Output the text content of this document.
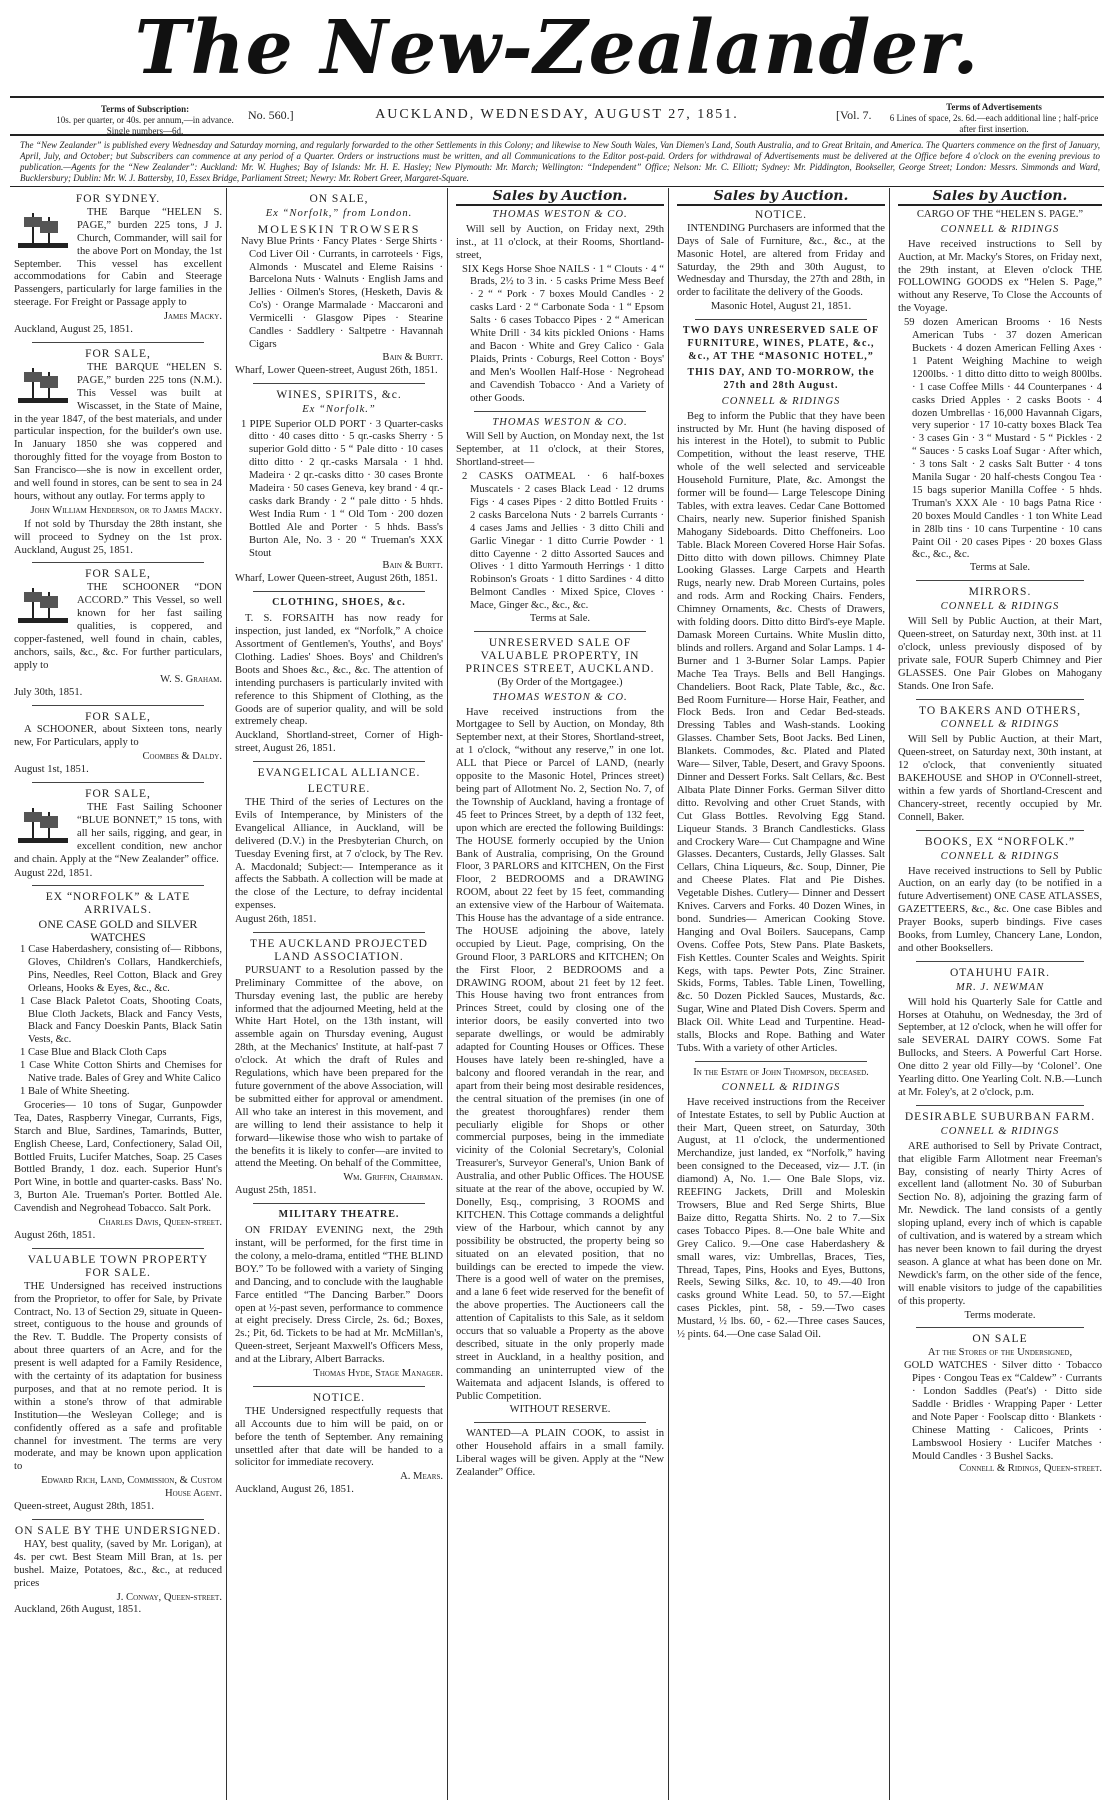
The New-Zealander.
Terms of Subscription:
10s. per quarter, or 40s. per annum,—in advance. Single numbers—6d.
No. 560.]	AUCKLAND, WEDNESDAY, AUGUST 27, 1851.	[Vol. 7.
Terms of Advertisements
6 Lines of space, 2s. 6d.—each additional line ; half-price after first insertion.
The “New Zealander” is published every Wednesday and Saturday morning, and regularly forwarded to the other Settlements in this Colony; and likewise to New South Wales, Van Diemen's Land, South Australia, and to Great Britain, and America. The Quarters commence on the first of January, April, July, and October; but Subscribers can commence at any period of a Quarter. Orders or instructions must be written, and all Communications to the Editor post-paid. Orders for withdrawal of Advertisements must be delivered at the Office before 4 o'clock on the evening previous to publication.—Agents for the “New Zealander”: Auckland: Mr. W. Hughes; Bay of Islands: Mr. H. E. Hasley; New Plymouth: Mr. March; Wellington: “Independent” Office; Nelson: Mr. C. Elliott; Sydney: Mr. Piddington, Bookseller, George Street; London: Messrs. Simmonds and Ward, Bucklersbury; Dublin: Mr. W. J. Battersby, 10, Essex Bridge, Parliament Street; Newry: Mr. Robert Greer, Margaret-Square.
FOR SYDNEY.
THE Barque “HELEN S. PAGE,” burden 225 tons, J J. Church, Commander, will sail for the above Port on Monday, the 1st September. This vessel has excellent accommodations for Cabin and Steerage Passengers, particularly for large families in the steerage. For Freight or Passage apply to
James Macky.
Auckland, August 25, 1851.
FOR SALE,
THE BARQUE “HELEN S. PAGE,” burden 225 tons (N.M.). This Vessel was built at Wiscasset, in the State of Maine, in the year 1847, of the best materials, and under particular inspection, for the builder's own use. In January 1850 she was coppered and thoroughly fitted for the voyage from Boston to San Francisco—she is now in excellent order, and well found in stores, can be sent to sea in 24 hours, without any outlay. For terms apply to
John William Henderson, or to James Macky.
If not sold by Thursday the 28th instant, she will proceed to Sydney on the 1st prox. Auckland, August 25, 1851.
FOR SALE,
THE SCHOONER “DON ACCORD.” This Vessel, so well known for her fast sailing qualities, is coppered, and copper-fastened, well found in chain, cables, anchors, sails, &c., &c. For further particulars, apply to
W. S. Graham.
July 30th, 1851.
FOR SALE,
A SCHOONER, about Sixteen tons, nearly new, For Particulars, apply to
Coombes & Daldy.
August 1st, 1851.
FOR SALE,
THE Fast Sailing Schooner “BLUE BONNET,” 15 tons, with all her sails, rigging, and gear, in excellent condition, new anchor and chain. Apply at the “New Zealander” office.
August 22d, 1851.
EX “NORFOLK” & LATE ARRIVALS.
ONE CASE GOLD and SILVER WATCHES
1 Case Haberdashery, consisting of— Ribbons, Gloves, Children's Collars, Handkerchiefs, Pins, Needles, Reel Cotton, Black and Grey Orleans, Hooks & Eyes, &c., &c.
1 Case Black Paletot Coats, Shooting Coats, Blue Cloth Jackets, Black and Fancy Vests, Black and Fancy Doeskin Pants, Black Satin Vests, &c.
1 Case Blue and Black Cloth Caps
1 Case White Cotton Shirts and Chemises for Native trade. Bales of Grey and White Calico
1 Bale of White Sheeting.
Groceries— 10 tons of Sugar, Gunpowder Tea, Dates, Raspberry Vinegar, Currants, Figs, Starch and Blue, Sardines, Tamarinds, Butter, English Cheese, Lard, Confectionery, Salad Oil, Bottled Fruits, Lucifer Matches, Soap. 25 Cases Bottled Brandy, 1 doz. each. Superior Hunt's Port Wine, in bottle and quarter-casks. Bass' No. 3, Burton Ale. Trueman's Porter. Bottled Ale. Cavendish and Negrohead Tobacco. Salt Pork.
Charles Davis, Queen-street.
August 26th, 1851.
VALUABLE TOWN PROPERTY FOR SALE.
THE Undersigned has received instructions from the Proprietor, to offer for Sale, by Private Contract, No. 13 of Section 29, situate in Queen-street, contiguous to the house and grounds of the Rev. T. Buddle. The Property consists of about three quarters of an Acre, and for the present is well adapted for a Family Residence, with the certainty of its adaptation for business purposes, and that at no remote period. It is within a stone's throw of that admirable Institution—the Wesleyan College; and is confidently offered as a safe and profitable channel for investment. The terms are very moderate, and may be known upon application to
Edward Rich, Land, Commission, & Custom House Agent.
Queen-street, August 28th, 1851.
ON SALE BY THE UNDERSIGNED.
HAY, best quality, (saved by Mr. Lorigan), at 4s. per cwt. Best Steam Mill Bran, at 1s. per bushel. Maize, Potatoes, &c., &c., at reduced prices
J. Conway, Queen-street.
Auckland, 26th August, 1851.
ON SALE,
Ex “Norfolk,” from London.
MOLESKIN TROWSERS
Navy Blue Prints · Fancy Plates · Serge Shirts · Cod Liver Oil · Currants, in carroteels · Figs, Almonds · Muscatel and Eleme Raisins · Barcelona Nuts · Walnuts · English Jams and Jellies · Oilmen's Stores, (Hesketh, Davis & Co's) · Orange Marmalade · Maccaroni and Vermicelli · Glasgow Pipes · Stearine Candles · Saddlery · Saltpetre · Havannah Cigars
Bain & Burtt.
Wharf, Lower Queen-street, August 26th, 1851.
WINES, SPIRITS, &c.
Ex “Norfolk.”
1 PIPE Superior OLD PORT · 3 Quarter-casks ditto · 40 cases ditto · 5 qr.-casks Sherry · 5 superior Gold ditto · 5 “ Pale ditto · 10 cases ditto ditto · 2 qr.-casks Marsala · 1 hhd. Madeira · 2 qr.-casks ditto · 30 cases Bronte Madeira · 50 cases Geneva, key brand · 4 qr.-casks dark Brandy · 2 “ pale ditto · 5 hhds. West India Rum · 1 “ Old Tom · 200 dozen Bottled Ale and Porter · 5 hhds. Bass's Burton Ale, No. 3 · 20 “ Trueman's XXX Stout
Bain & Burtt.
Wharf, Lower Queen-street, August 26th, 1851.
CLOTHING, SHOES, &c.
T. S. FORSAITH has now ready for inspection, just landed, ex “Norfolk,” A choice Assortment of Gentlemen's, Youths', and Boys' Clothing. Ladies' Shoes. Boys' and Children's Boots and Shoes &c., &c., &c. The attention of intending purchasers is particularly invited with reference to this Shipment of Clothing, as the Goods are of superior quality, and will be sold extremely cheap.
Auckland, Shortland-street, Corner of High-street, August 26, 1851.
EVANGELICAL ALLIANCE.
LECTURE.
THE Third of the series of Lectures on the Evils of Intemperance, by Ministers of the Evangelical Alliance, in Auckland, will be delivered (D.V.) in the Presbyterian Church, on Tuesday Evening first, at 7 o'clock, by The Rev. A. Macdonald; Subject:— Intemperance as it affects the Sabbath. A collection will be made at the close of the Lecture, to defray incidental expenses.
August 26th, 1851.
THE AUCKLAND PROJECTED LAND ASSOCIATION.
PURSUANT to a Resolution passed by the Preliminary Committee of the above, on Thursday evening last, the public are hereby informed that the adjourned Meeting, held at the White Hart Hotel, on the 13th instant, will assemble again on Thursday evening, August 28th, at the Mechanics' Institute, at half-past 7 o'clock. At which the draft of Rules and Regulations, which have been prepared for the future government of the above Association, will be submitted either for approval or amendment. All who take an interest in this movement, and are willing to lend their assistance to help it forward—likewise those who wish to partake of the benefits it is likely to confer—are invited to attend the Meeting. On behalf of the Committee,
Wm. Griffin, Chairman.
August 25th, 1851.
MILITARY THEATRE.
ON FRIDAY EVENING next, the 29th instant, will be performed, for the first time in the colony, a melo-drama, entitled “THE BLIND BOY.” To be followed with a variety of Singing and Dancing, and to conclude with the laughable Farce entitled “The Dancing Barber.” Doors open at ½-past seven, performance to commence at eight precisely. Dress Circle, 2s. 6d.; Boxes, 2s.; Pit, 6d. Tickets to be had at Mr. McMillan's, Queen-street, Serjeant Maxwell's Officers Mess, and at the Library, Albert Barracks.
Thomas Hyde, Stage Manager.
NOTICE.
THE Undersigned respectfully requests that all Accounts due to him will be paid, on or before the tenth of September. Any remaining unsettled after that date will be handed to a solicitor for immediate recovery.
A. Mears.
Auckland, August 26, 1851.
Sales by Auction.
THOMAS WESTON & CO.
Will sell by Auction, on Friday next, 29th inst., at 11 o'clock, at their Rooms, Shortland-street,
SIX Kegs Horse Shoe NAILS · 1 “ Clouts · 4 “ Brads, 2½ to 3 in. · 5 casks Prime Mess Beef · 2 “ “ Pork · 7 boxes Mould Candles · 2 casks Lard · 2 “ Carbonate Soda · 1 “ Epsom Salts · 6 cases Tobacco Pipes · 2 “ American White Drill · 34 kits pickled Onions · Hams and Bacon · White and Grey Calico · Gala Plaids, Prints · Coburgs, Reel Cotton · Boys' and Men's Woollen Half-Hose · Negrohead and Cavendish Tobacco · And a Variety of other Goods.
THOMAS WESTON & CO.
Will Sell by Auction, on Monday next, the 1st September, at 11 o'clock, at their Stores, Shortland-street—
2 CASKS OATMEAL · 6 half-boxes Muscatels · 2 cases Black Lead · 12 drums Figs · 4 cases Pipes · 2 ditto Bottled Fruits · 2 casks Barcelona Nuts · 2 barrels Currants · 4 cases Jams and Jellies · 3 ditto Chili and Garlic Vinegar · 1 ditto Currie Powder · 1 ditto Cayenne · 2 ditto Assorted Sauces and Olives · 1 ditto Yarmouth Herrings · 1 ditto Robinson's Groats · 1 ditto Sardines · 4 ditto Belmont Candles · Mixed Spice, Cloves · Mace, Ginger &c., &c., &c.
Terms at Sale.
UNRESERVED SALE OF VALUABLE PROPERTY, IN PRINCES STREET, AUCKLAND.
(By Order of the Mortgagee.)
THOMAS WESTON & CO.
Have received instructions from the Mortgagee to Sell by Auction, on Monday, 8th September next, at their Stores, Shortland-street, at 1 o'clock, “without any reserve,” in one lot. ALL that Piece or Parcel of LAND, (nearly opposite to the Masonic Hotel, Princes street) being part of Allotment No. 2, Section No. 7, of the Township of Auckland, having a frontage of 45 feet to Princes Street, by a depth of 132 feet, upon which are erected the following Buildings: The HOUSE formerly occupied by the Union Bank of Australia, comprising, On the Ground Floor, 3 PARLORS and KITCHEN, On the First Floor, 2 BEDROOMS and a DRAWING ROOM, about 22 feet by 15 feet, commanding an extensive view of the Harbour of Waitemata. This House has the advantage of a side entrance. The HOUSE adjoining the above, lately occupied by Lieut. Page, comprising, On the Ground Floor, 3 PARLORS and KITCHEN; On the First Floor, 2 BEDROOMS and a DRAWING ROOM, about 21 feet by 12 feet. This House having two front entrances from Princes Street, could by closing one of the interior doors, be easily converted into two separate dwellings, or would be admirably adapted for Counting Houses or Offices. These Houses have lately been re-shingled, have a balcony and floored verandah in the rear, and apart from their being most desirable residences, the central situation of the premises (in one of the greatest thoroughfares) render them peculiarly eligible for Shops or other commercial purposes, being in the immediate vicinity of the Colonial Secretary's, Colonial Treasurer's, Surveyor General's, Union Bank of Australia, and other Public Offices. The HOUSE situate at the rear of the above, occupied by W. Donelly, Esq., comprising, 3 ROOMS and KITCHEN. This Cottage commands a delightful view of the Harbour, which cannot by any possibility be obstructed, the property being so situated on an elevated position, that no buildings can be erected to impede the view. There is a good well of water on the premises, and a lane 6 feet wide reserved for the benefit of the above properties. The Auctioneers call the attention of Capitalists to this Sale, as it seldom occurs that so valuable a Property as the above described, situate in the only properly made street in Auckland, in a healthy position, and commanding an uninterrupted view of the Waitemata and adjacent Islands, is offered to Public Competition.
WITHOUT RESERVE.
WANTED—A PLAIN COOK, to assist in other Household affairs in a small family. Liberal wages will be given. Apply at the “New Zealander” Office.
Sales by Auction.
NOTICE.
INTENDING Purchasers are informed that the Days of Sale of Furniture, &c., &c., at the Masonic Hotel, are altered from Friday and Saturday, the 29th and 30th August, to Wednesday and Thursday, the 27th and 28th, in order to facilitate the delivery of the Goods.
Masonic Hotel, August 21, 1851.
TWO DAYS UNRESERVED SALE OF FURNITURE, WINES, PLATE, &c., &c., AT THE “MASONIC HOTEL,”
THIS DAY, AND TO-MORROW, the 27th and 28th August.
CONNELL & RIDINGS
Beg to inform the Public that they have been instructed by Mr. Hunt (he having disposed of his interest in the Hotel), to submit to Public Competition, without the least reserve, THE whole of the well selected and serviceable Household Furniture, Plate, &c. Amongst the former will be found— Large Telescope Dining Tables, with extra leaves. Cedar Cane Bottomed Chairs, nearly new. Superior finished Spanish Mahogany Sideboards. Ditto Cheffoneirs. Loo Table. Black Moreen Covered Horse Hair Sofas. Ditto ditto with down pillows. Chimney Plate Looking Glasses. Large Carpets and Hearth Rugs, nearly new. Drab Moreen Curtains, poles and rods. Arm and Rocking Chairs. Fenders, Chimney Ornaments, &c. Chests of Drawers, with folding doors. Ditto ditto Bird's-eye Maple. Damask Moreen Curtains. White Muslin ditto, blinds and rollers. Argand and Solar Lamps. 1 4-Burner and 1 3-Burner Solar Lamps. Papier Mache Tea Trays. Bells and Bell Hangings. Chandeliers. Boot Rack, Plate Table, &c., &c. Bed Room Furniture— Horse Hair, Feather, and Flock Beds. Iron and Cedar Bed-steads. Dressing Tables and Wash-stands. Looking Glasses. Chamber Sets, Boot Jacks. Bed Linen, Blankets. Commodes, &c. Plated and Plated Ware— Silver, Table, Desert, and Gravy Spoons. Dinner and Dessert Forks. Salt Cellars, &c. Best Albata Plate Dinner Forks. German Silver ditto ditto. Revolving and other Cruet Stands, with Cut Glass Bottles. Revolving Egg Stand. Liqueur Stands. 3 Branch Candlesticks. Glass and Crockery Ware— Cut Champagne and Wine Glasses. Decanters, Custards, Jelly Glasses. Salt Cellars, China Liqueurs, &c. Soup, Dinner, Pie and Cheese Plates. Flat and Pie Dishes. Vegetable Dishes. Cutlery— Dinner and Dessert Knives. Carvers and Forks. 40 Dozen Wines, in bond. Sundries— American Cooking Stove. Hanging and Oval Boilers. Saucepans, Camp Ovens. Coffee Pots, Stew Pans. Plate Baskets, Fish Kettles. Counter Scales and Weights. Spirit Kegs, with taps. Pewter Pots, Zinc Strainer. Skids, Forms, Tables. Table Linen, Towelling, &c. 50 Dozen Pickled Sauces, Mustards, &c. Sugar, Wine and Plated Dish Covers. Sperm and Black Oil. White Lead and Turpentine. Head-stalls, Blocks and Rope. Bathing and Water Tubs. With a variety of other Articles.
In the Estate of John Thompson, deceased.
CONNELL & RIDINGS
Have received instructions from the Receiver of Intestate Estates, to sell by Public Auction at their Mart, Queen street, on Saturday, 30th August, at 11 o'clock, the undermentioned Merchandize, just landed, ex “Norfolk,” having been consigned to the Deceased, viz— J.T. (in diamond) A, No. 1.— One Bale Slops, viz. REEFING Jackets, Drill and Moleskin Trowsers, Blue and Red Serge Shirts, Blue Baize ditto, Regatta Shirts. No. 2 to 7.—Six cases Tobacco Pipes. 8.—One bale White and Grey Calico. 9.—One case Haberdashery & small wares, viz: Umbrellas, Braces, Ties, Thread, Tapes, Pins, Hooks and Eyes, Buttons, Reels, Sewing Silks, &c. 10, to 49.—40 Iron casks ground White Lead. 50, to 57.—Eight cases Pickles, pint. 58, - 59.—Two cases Mustard, ½ lbs. 60, - 62.—Three cases Sauces, ½ pints. 64.—One case Salad Oil.
Sales by Auction.
CARGO OF THE “HELEN S. PAGE.”
CONNELL & RIDINGS
Have received instructions to Sell by Auction, at Mr. Macky's Stores, on Friday next, the 29th instant, at Eleven o'clock THE FOLLOWING GOODS ex “Helen S. Page,” without any Reserve, To Close the Accounts of the Voyage.
59 dozen American Brooms · 16 Nests American Tubs · 37 dozen American Buckets · 4 dozen American Felling Axes · 1 Patent Weighing Machine to weigh 1200lbs. · 1 ditto ditto ditto to weigh 800lbs. · 1 case Coffee Mills · 44 Counterpanes · 4 casks Dried Apples · 2 casks Boots · 4 dozen Umbrellas · 16,000 Havannah Cigars, very superior · 17 10-catty boxes Black Tea · 3 cases Gin · 3 “ Mustard · 5 “ Pickles · 2 “ Sauces · 5 casks Loaf Sugar · After which, · 3 tons Salt · 2 casks Salt Butter · 4 tons Manila Sugar · 20 half-chests Congou Tea · 15 bags superior Manilla Coffee · 5 hhds. Truman's XXX Ale · 10 bags Patna Rice · 20 boxes Mould Candles · 1 ton White Lead in 28lb tins · 10 cans Turpentine · 10 cans Paint Oil · 20 cases Pipes · 20 boxes Glass &c., &c., &c.
Terms at Sale.
MIRRORS.
CONNELL & RIDINGS
Will Sell by Public Auction, at their Mart, Queen-street, on Saturday next, 30th inst. at 11 o'clock, unless previously disposed of by private sale, FOUR Superb Chimney and Pier GLASSES. One Pair Globes on Mahogany Stands. One Iron Safe.
TO BAKERS AND OTHERS,
CONNELL & RIDINGS
Will Sell by Public Auction, at their Mart, Queen-street, on Saturday next, 30th instant, at 12 o'clock, that conveniently situated BAKEHOUSE and SHOP in O'Connell-street, within a few yards of Shortland-Crescent and Chancery-street, recently occupied by Mr. Connell, Baker.
BOOKS, EX “NORFOLK.”
CONNELL & RIDINGS
Have received instructions to Sell by Public Auction, on an early day (to be notified in a future Advertisement) ONE CASE ATLASSES, GAZETTEERS, &c., &c. One case Bibles and Prayer Books, superb bindings. Five cases Books, from Lumley, Chancery Lane, London, and other Booksellers.
OTAHUHU FAIR.
MR. J. NEWMAN
Will hold his Quarterly Sale for Cattle and Horses at Otahuhu, on Wednesday, the 3rd of September, at 12 o'clock, when he will offer for sale SEVERAL DAIRY COWS. Some Fat Bullocks, and Steers. A Powerful Cart Horse. One ditto 2 year old Filly—by ‘Colonel’. One Yearling ditto. One Yearling Colt. N.B.—Lunch at Mr. Foley's, at 2 o'clock, p.m.
DESIRABLE SUBURBAN FARM.
CONNELL & RIDINGS
ARE authorised to Sell by Private Contract, that eligible Farm Allotment near Freeman's Bay, consisting of nearly Thirty Acres of excellent land (allotment No. 30 of Suburban Section No. 8), adjoining the grazing farm of Mr. Newdick. The land consists of a gently sloping upland, every inch of which is capable of cultivation, and is watered by a stream which has never been known to fail during the dryest season. A glance at what has been done on Mr. Newdick's farm, on the other side of the fence, will enable visitors to judge of the capabilities of this property.
Terms moderate.
ON SALE
At the Stores of the Undersigned,
GOLD WATCHES · Silver ditto · Tobacco Pipes · Congou Teas ex “Caldew” · Currants · London Saddles (Peat's) · Ditto side Saddle · Bridles · Wrapping Paper · Letter and Note Paper · Foolscap ditto · Blankets · Chinese Matting · Calicoes, Prints · Lambswool Hosiery · Lucifer Matches · Mould Candles · 3 Bushel Sacks.
Connell & Ridings, Queen-street.
